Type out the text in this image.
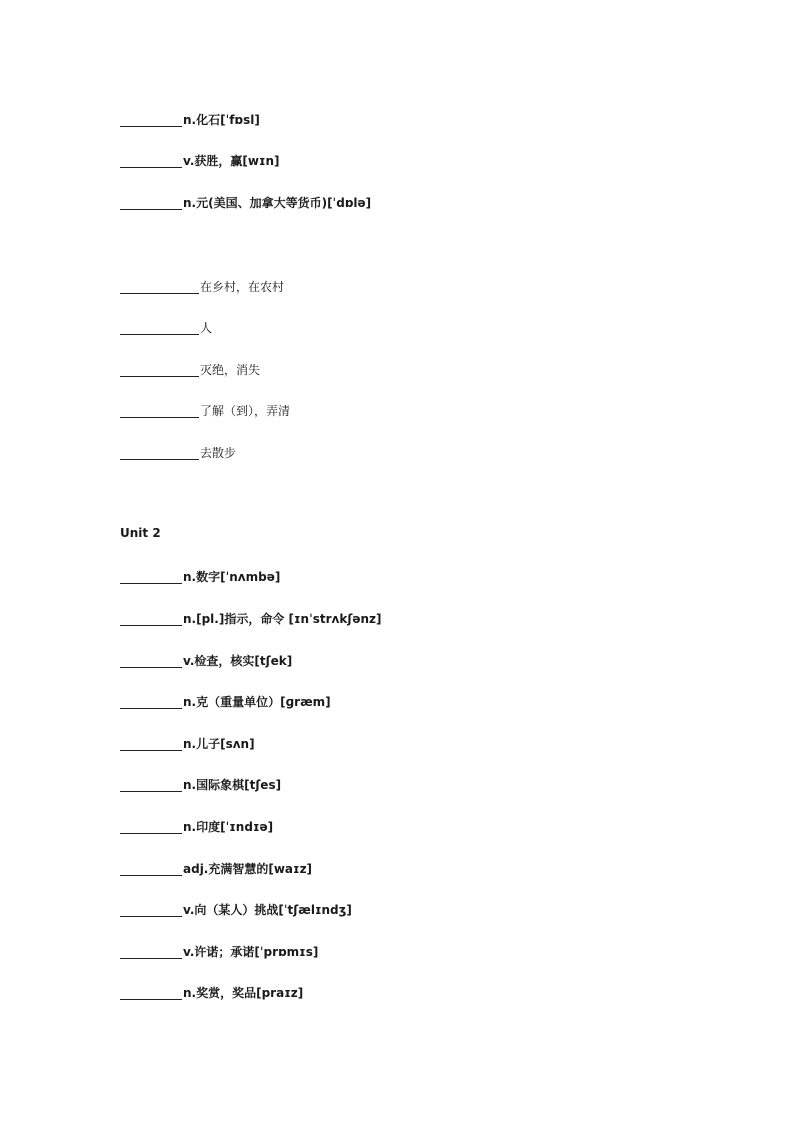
n.化石[ˈfɒsl]
v.获胜，赢[wɪn]
n.元(美国、加拿大等货币)[ˈdɒlə]
在乡村，在农村
人
灭绝，消失
了解（到），弄清
去散步
Unit 2
n.数字[ˈnʌmbə]
n.[pl.]指示，命令 [ɪnˈstrʌkʃənz]
v.检查，核实[tʃek]
n.克（重量单位）[ɡræm]
n.儿子[sʌn]
n.国际象棋[tʃes]
n.印度[ˈɪndɪə]
adj.充满智慧的[waɪz]
v.向（某人）挑战[ˈtʃælɪndʒ]
v.许诺；承诺[ˈprɒmɪs]
n.奖赏，奖品[praɪz]
